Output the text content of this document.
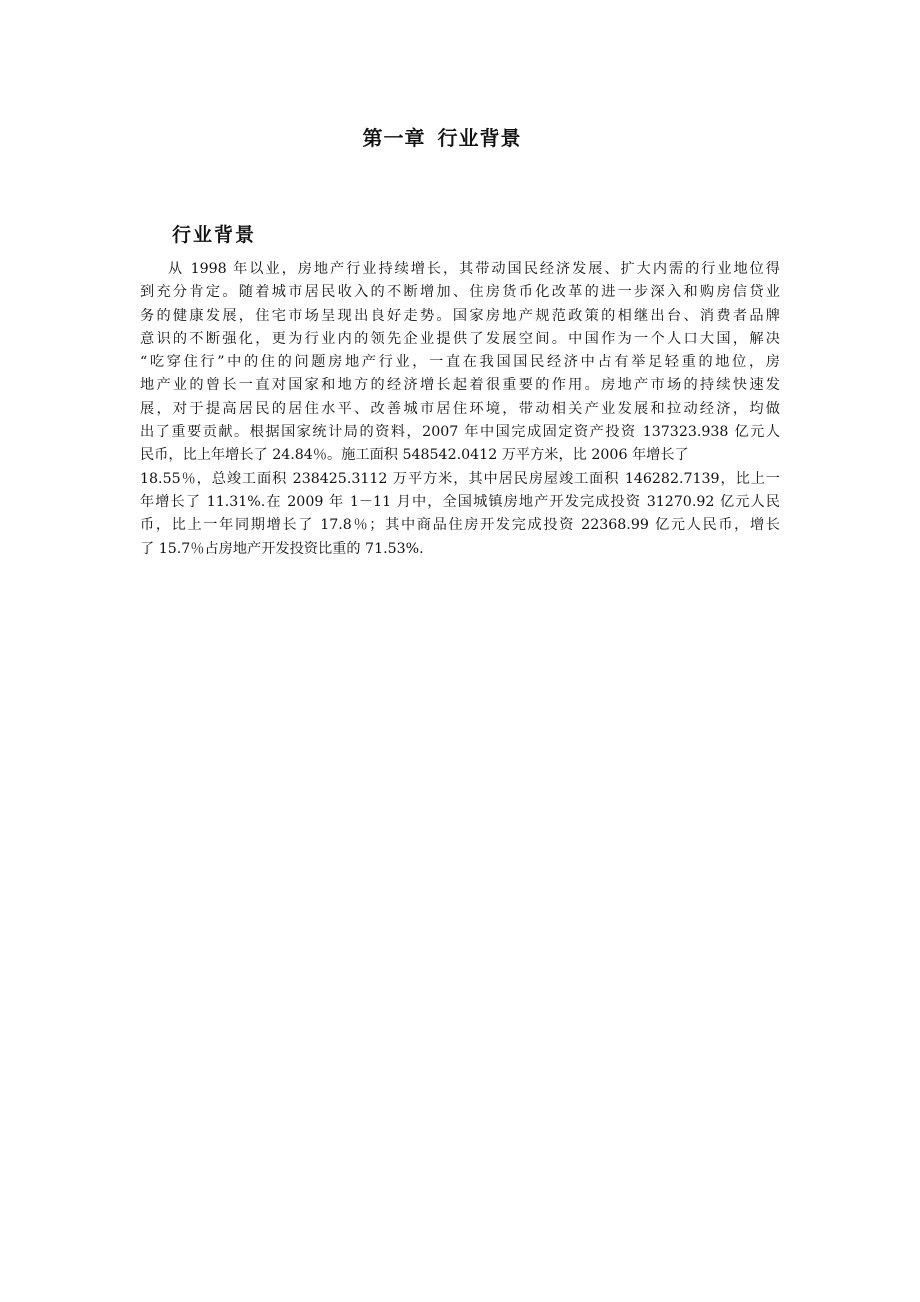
第一章 行业背景
行业背景

从 1998 年以业，房地产行业持续增长，其带动国民经济发展、扩大内需的行业地位得
到充分肯定。随着城市居民收入的不断增加、住房货币化改革的进一步深入和购房信贷业
务的健康发展，住宅市场呈现出良好走势。国家房地产规范政策的相继出台、消费者品牌
意识的不断强化，更为行业内的领先企业提供了发展空间。中国作为一个人口大国，解决
“吃穿住行”中的住的问题房地产行业，一直在我国国民经济中占有举足轻重的地位，房
地产业的曾长一直对国家和地方的经济增长起着很重要的作用。房地产市场的持续快速发
展，对于提高居民的居住水平、改善城市居住环境，带动相关产业发展和拉动经济，均做
出了重要贡献。根据国家统计局的资料，2007 年中国完成固定资产投资 137323.938 亿元人
民币，比上年增长了 24.84％。施工面积 548542.0412 万平方米，比 2006 年增长了
18.55％，总竣工面积 238425.3112 万平方米，其中居民房屋竣工面积 146282.7139，比上一
年增长了 11.31%.在 2009 年 1－11 月中，全国城镇房地产开发完成投资 31270.92 亿元人民
币，比上一年同期增长了 17.8％；其中商品住房开发完成投资 22368.99 亿元人民币，增长
了 15.7％占房地产开发投资比重的 71.53%.
